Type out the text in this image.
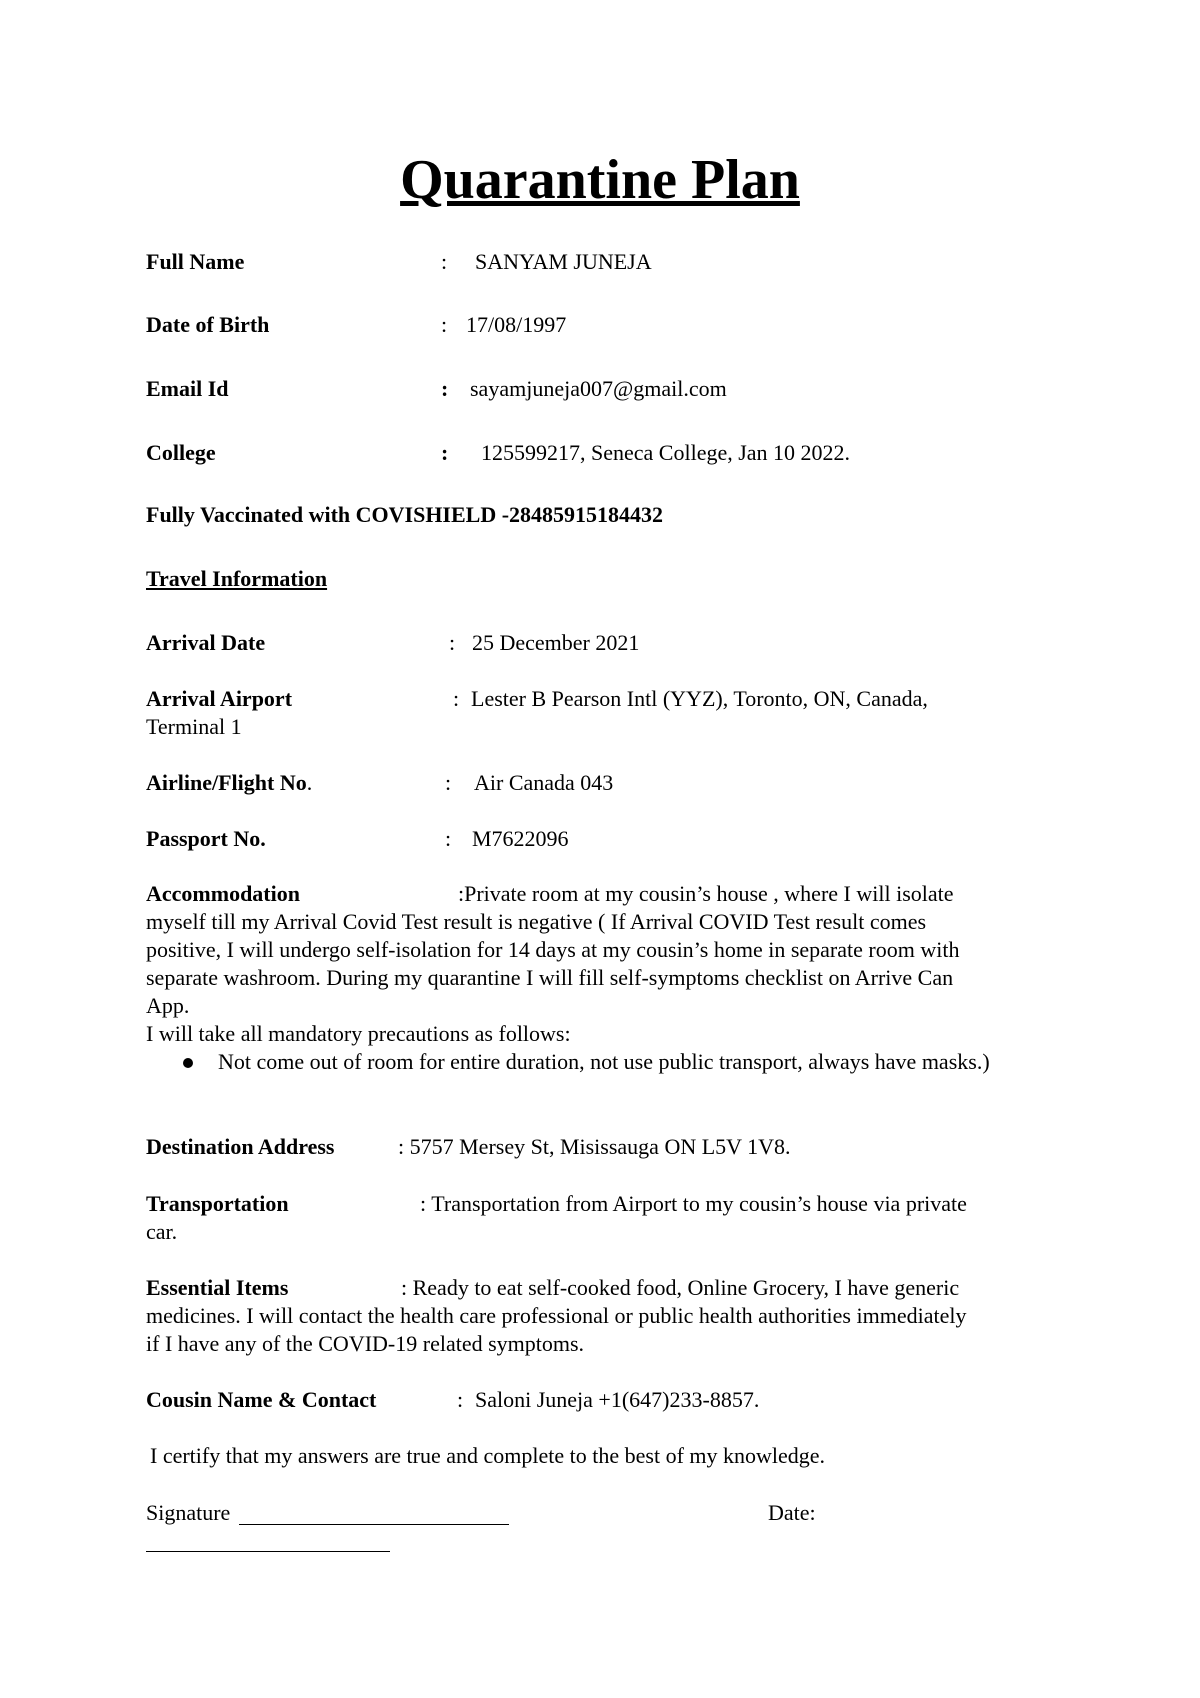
Quarantine Plan
Full Name	: SANYAM JUNEJA
Date of Birth	: 17/08/1997
Email Id	: sayamjuneja007@gmail.com
College	: 125599217, Seneca College, Jan 10 2022.
Fully Vaccinated with COVISHIELD -28485915184432
Travel Information
Arrival Date	: 25 December 2021
Arrival Airport	: Lester B Pearson Intl (YYZ), Toronto, ON, Canada,
Terminal 1
Airline/Flight No.	: Air Canada 043
Passport No.	: M7622096
Accommodation	:Private room at my cousin’s house , where I will isolate
myself till my Arrival Covid Test result is negative ( If Arrival COVID Test result comes
positive, I will undergo self-isolation for 14 days at my cousin’s home in separate room with
separate washroom. During my quarantine I will fill self-symptoms checklist on Arrive Can
App.
I will take all mandatory precautions as follows:
Not come out of room for entire duration, not use public transport, always have masks.)
Destination Address	: 5757 Mersey St, Misissauga ON L5V 1V8.
Transportation	: Transportation from Airport to my cousin’s house via private
car.
Essential Items	: Ready to eat self-cooked food, Online Grocery, I have generic
medicines. I will contact the health care professional or public health authorities immediately
if I have any of the COVID-19 related symptoms.
Cousin Name & Contact	: Saloni Juneja +1(647)233-8857.
I certify that my answers are true and complete to the best of my knowledge.
Signature	Date:
